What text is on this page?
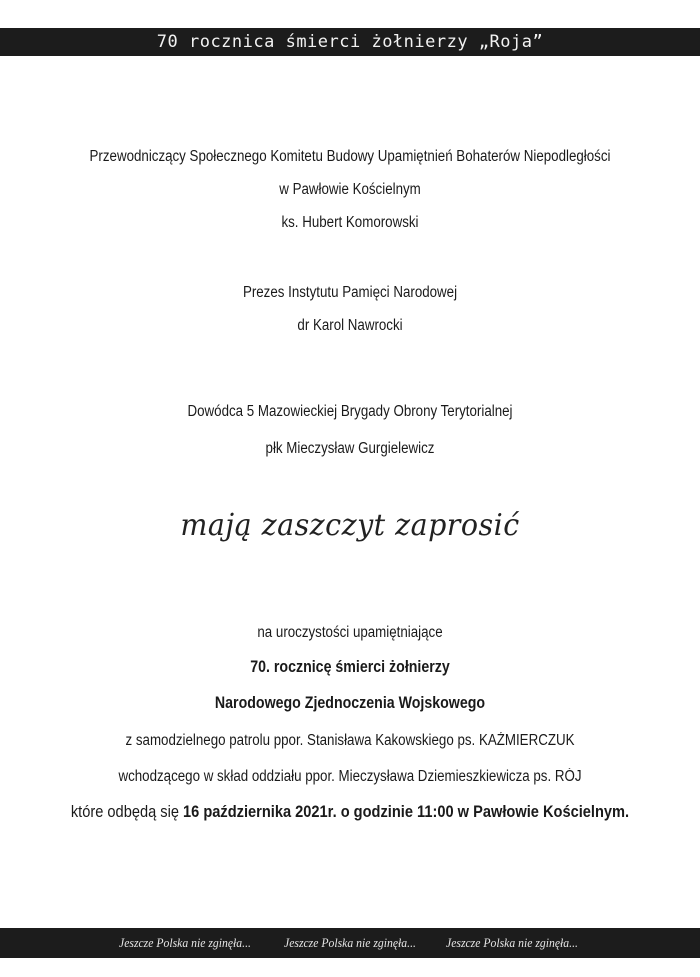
70 rocznica śmierci żołnierzy „Roja”
Przewodniczący Społecznego Komitetu Budowy Upamiętnień Bohaterów Niepodległości
w Pawłowie Kościelnym
ks. Hubert Komorowski
Prezes Instytutu Pamięci Narodowej
dr Karol Nawrocki
Dowódca 5 Mazowieckiej Brygady Obrony Terytorialnej
płk Mieczysław Gurgielewicz
mają zaszczyt zaprosić
na uroczystości upamiętniające
70. rocznicę śmierci żołnierzy
Narodowego Zjednoczenia Wojskowego
z samodzielnego patrolu ppor. Stanisława Kakowskiego ps. KAŹMIERCZUK
wchodzącego w skład oddziału ppor. Mieczysława Dziemieszkiewicza ps. RÓJ
które odbędą się 16 października 2021r. o godzinie 11:00 w Pawłowie Kościelnym.
Jeszcze Polska nie zginęła...	Jeszcze Polska nie zginęła... Jeszcze Polska nie zginęła...
